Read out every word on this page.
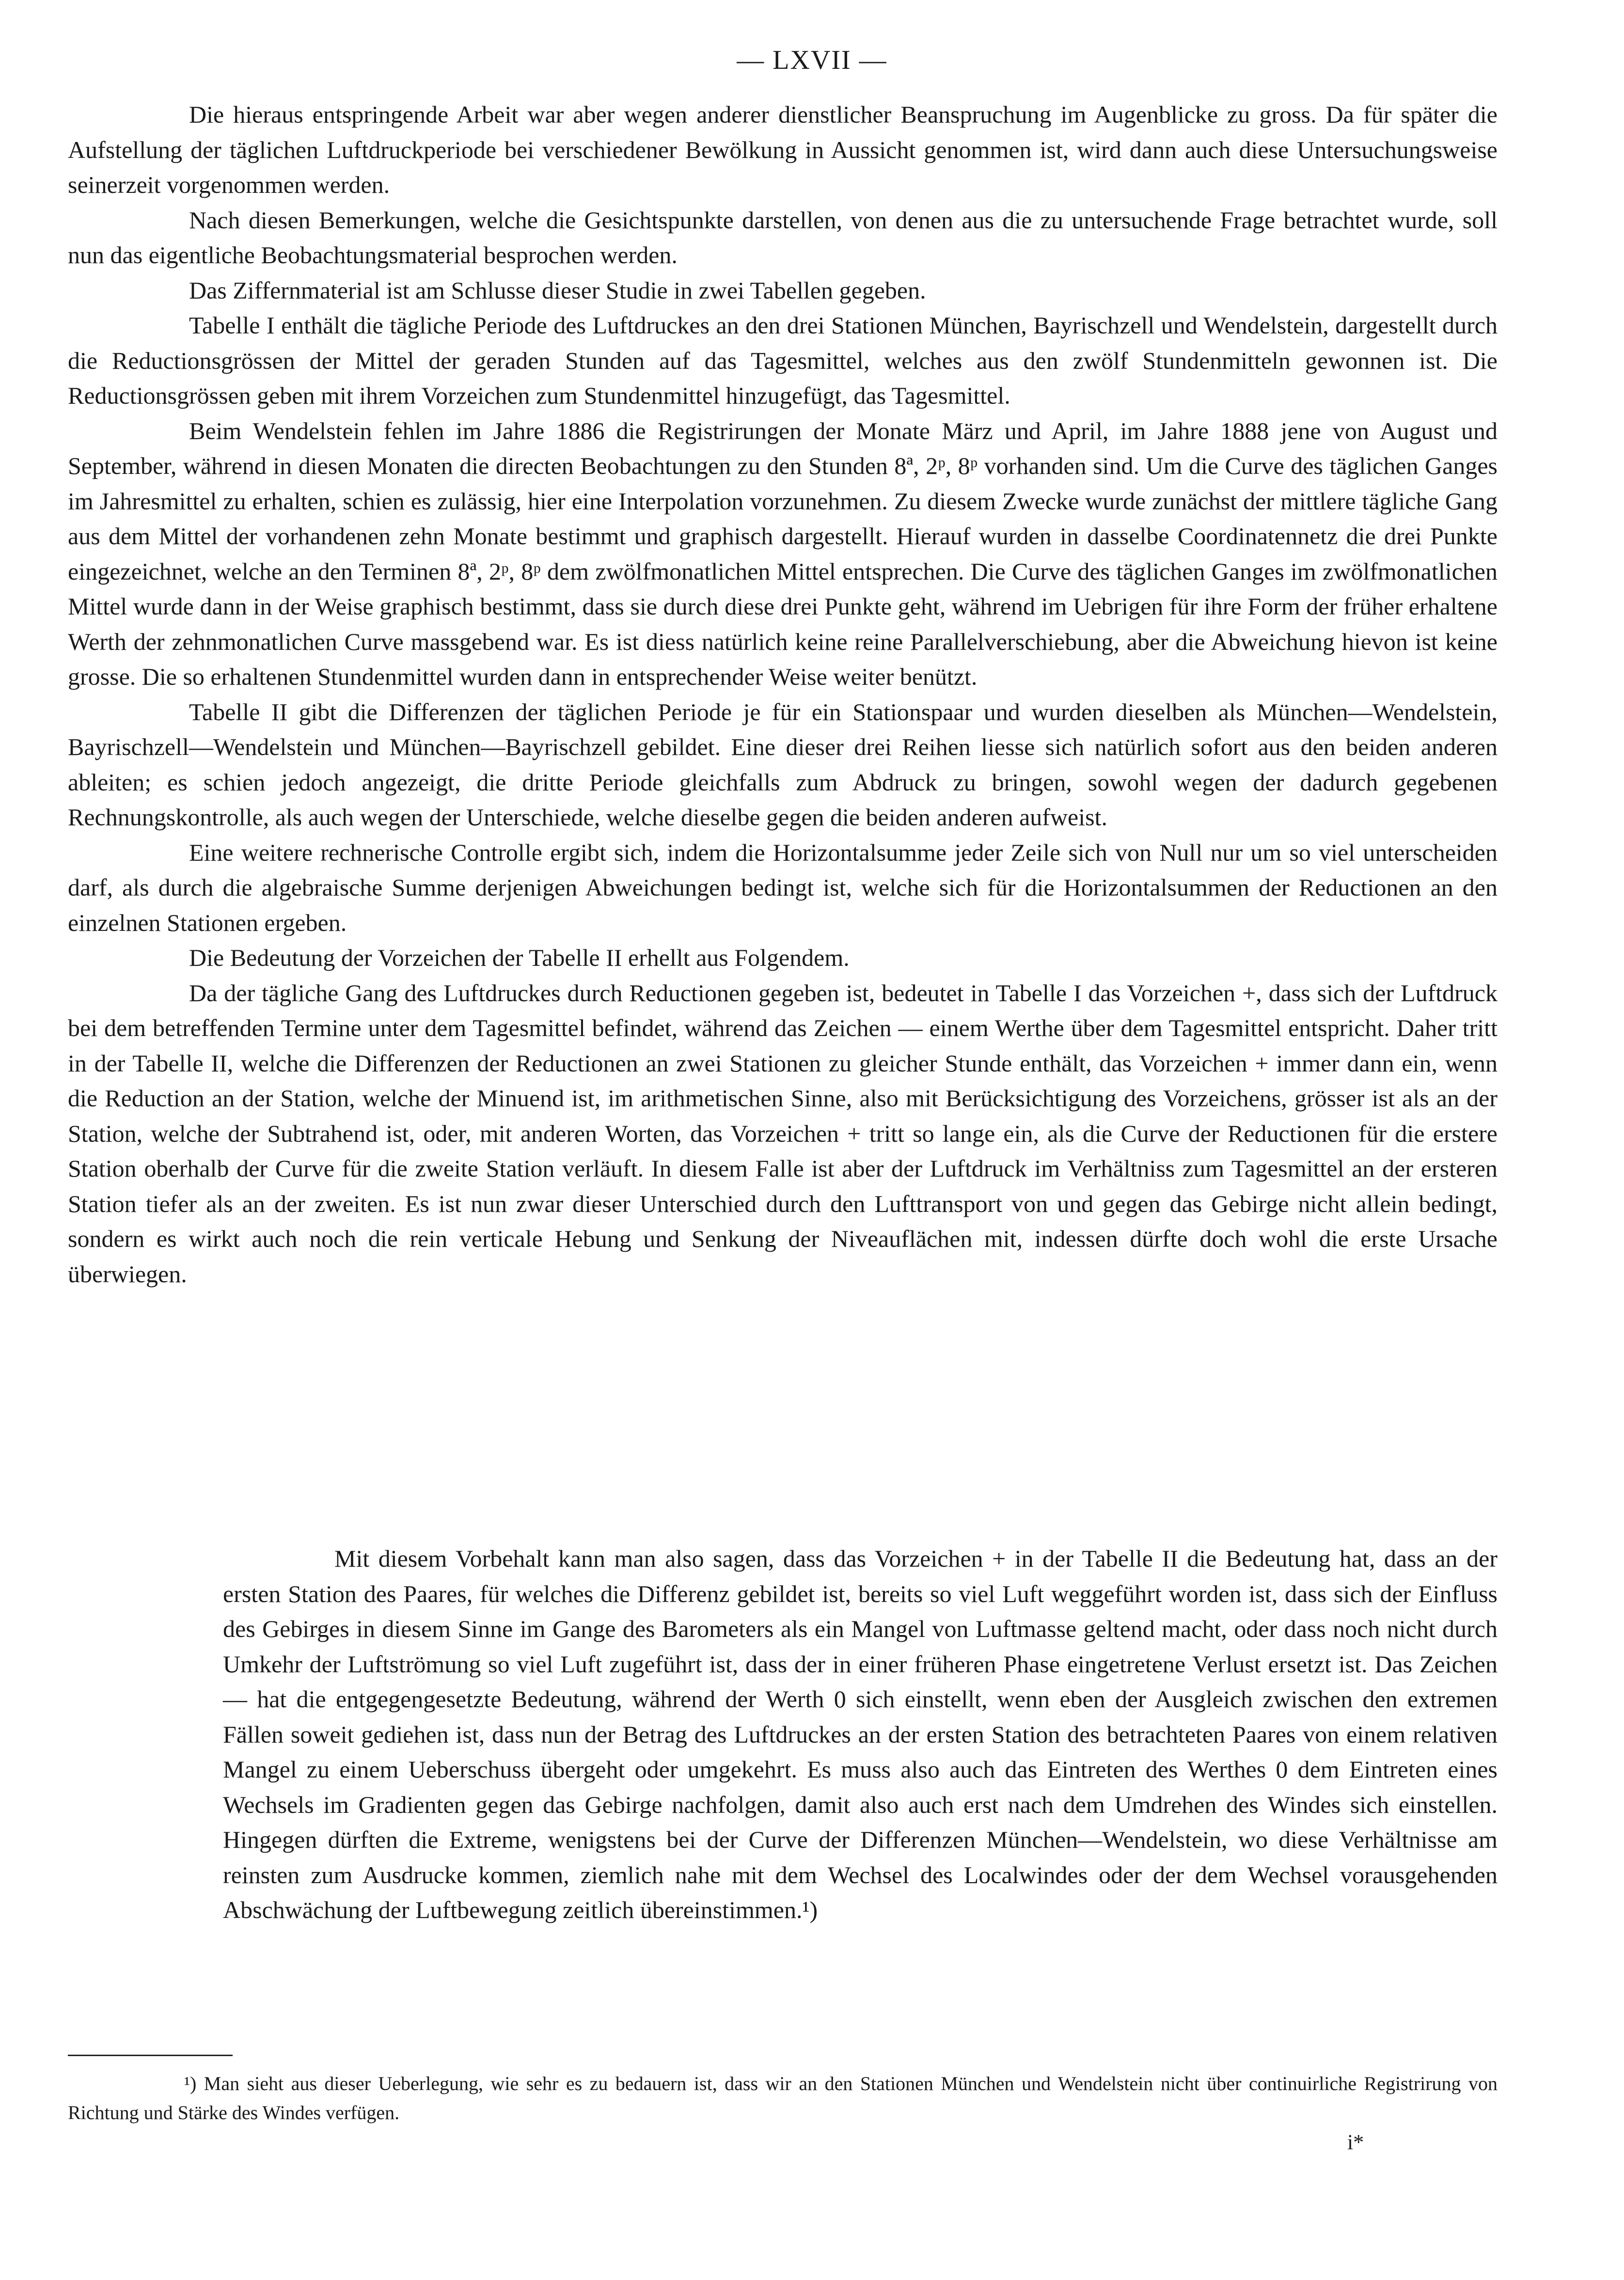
— LXVII —

Die hieraus entspringende Arbeit war aber wegen anderer dienstlicher Beanspruchung im Augenblicke zu gross. Da für später die Aufstellung der täglichen Luftdruckperiode bei verschiedener Bewölkung in Aussicht genommen ist, wird dann auch diese Untersuchungsweise seinerzeit vorgenommen werden.

Nach diesen Bemerkungen, welche die Gesichtspunkte darstellen, von denen aus die zu untersuchende Frage betrachtet wurde, soll nun das eigentliche Beobachtungsmaterial besprochen werden.

Das Ziffernmaterial ist am Schlusse dieser Studie in zwei Tabellen gegeben.

Tabelle I enthält die tägliche Periode des Luftdruckes an den drei Stationen München, Bayrischzell und Wendelstein, dargestellt durch die Reductionsgrössen der Mittel der geraden Stunden auf das Tagesmittel, welches aus den zwölf Stundenmitteln gewonnen ist. Die Reductionsgrössen geben mit ihrem Vorzeichen zum Stundenmittel hinzugefügt, das Tagesmittel.

Beim Wendelstein fehlen im Jahre 1886 die Registrirungen der Monate März und April, im Jahre 1888 jene von August und September, während in diesen Monaten die directen Beobachtungen zu den Stunden 8ª, 2ᵖ, 8ᵖ vorhanden sind. Um die Curve des täglichen Ganges im Jahresmittel zu erhalten, schien es zulässig, hier eine Interpolation vorzunehmen. Zu diesem Zwecke wurde zunächst der mittlere tägliche Gang aus dem Mittel der vorhandenen zehn Monate bestimmt und graphisch dargestellt. Hierauf wurden in dasselbe Coordinatennetz die drei Punkte eingezeichnet, welche an den Terminen 8ª, 2ᵖ, 8ᵖ dem zwölfmonatlichen Mittel entsprechen. Die Curve des täglichen Ganges im zwölfmonatlichen Mittel wurde dann in der Weise graphisch bestimmt, dass sie durch diese drei Punkte geht, während im Uebrigen für ihre Form der früher erhaltene Werth der zehnmonatlichen Curve massgebend war. Es ist diess natürlich keine reine Parallelverschiebung, aber die Abweichung hievon ist keine grosse. Die so erhaltenen Stundenmittel wurden dann in entsprechender Weise weiter benützt.

Tabelle II gibt die Differenzen der täglichen Periode je für ein Stationspaar und wurden dieselben als München—Wendelstein, Bayrischzell—Wendelstein und München—Bayrischzell gebildet. Eine dieser drei Reihen liesse sich natürlich sofort aus den beiden anderen ableiten; es schien jedoch angezeigt, die dritte Periode gleichfalls zum Abdruck zu bringen, sowohl wegen der dadurch gegebenen Rechnungskontrolle, als auch wegen der Unterschiede, welche dieselbe gegen die beiden anderen aufweist.

Eine weitere rechnerische Controlle ergibt sich, indem die Horizontalsumme jeder Zeile sich von Null nur um so viel unterscheiden darf, als durch die algebraische Summe derjenigen Abweichungen bedingt ist, welche sich für die Horizontalsummen der Reductionen an den einzelnen Stationen ergeben.

Die Bedeutung der Vorzeichen der Tabelle II erhellt aus Folgendem.

Da der tägliche Gang des Luftdruckes durch Reductionen gegeben ist, bedeutet in Tabelle I das Vorzeichen +, dass sich der Luftdruck bei dem betreffenden Termine unter dem Tagesmittel befindet, während das Zeichen — einem Werthe über dem Tagesmittel entspricht. Daher tritt in der Tabelle II, welche die Differenzen der Reductionen an zwei Stationen zu gleicher Stunde enthält, das Vorzeichen + immer dann ein, wenn die Reduction an der Station, welche der Minuend ist, im arithmetischen Sinne, also mit Berücksichtigung des Vorzeichens, grösser ist als an der Station, welche der Subtrahend ist, oder, mit anderen Worten, das Vorzeichen + tritt so lange ein, als die Curve der Reductionen für die erstere Station oberhalb der Curve für die zweite Station verläuft. In diesem Falle ist aber der Luftdruck im Verhältniss zum Tagesmittel an der ersteren Station tiefer als an der zweiten. Es ist nun zwar dieser Unterschied durch den Lufttransport von und gegen das Gebirge nicht allein bedingt, sondern es wirkt auch noch die rein verticale Hebung und Senkung der Niveauflächen mit, indessen dürfte doch wohl die erste Ursache überwiegen.

Mit diesem Vorbehalt kann man also sagen, dass das Vorzeichen + in der Tabelle II die Bedeutung hat, dass an der ersten Station des Paares, für welches die Differenz gebildet ist, bereits so viel Luft weggeführt worden ist, dass sich der Einfluss des Gebirges in diesem Sinne im Gange des Barometers als ein Mangel von Luftmasse geltend macht, oder dass noch nicht durch Umkehr der Luftströmung so viel Luft zugeführt ist, dass der in einer früheren Phase eingetretene Verlust ersetzt ist. Das Zeichen — hat die entgegengesetzte Bedeutung, während der Werth 0 sich einstellt, wenn eben der Ausgleich zwischen den extremen Fällen soweit gediehen ist, dass nun der Betrag des Luftdruckes an der ersten Station des betrachteten Paares von einem relativen Mangel zu einem Ueberschuss übergeht oder umgekehrt. Es muss also auch das Eintreten des Werthes 0 dem Eintreten eines Wechsels im Gradienten gegen das Gebirge nachfolgen, damit also auch erst nach dem Umdrehen des Windes sich einstellen. Hingegen dürften die Extreme, wenigstens bei der Curve der Differenzen München—Wendelstein, wo diese Verhältnisse am reinsten zum Ausdrucke kommen, ziemlich nahe mit dem Wechsel des Localwindes oder der dem Wechsel vorausgehenden Abschwächung der Luftbewegung zeitlich übereinstimmen.¹)

¹) Man sieht aus dieser Ueberlegung, wie sehr es zu bedauern ist, dass wir an den Stationen München und Wendelstein nicht über continuirliche Registrirung von Richtung und Stärke des Windes verfügen.

i*
